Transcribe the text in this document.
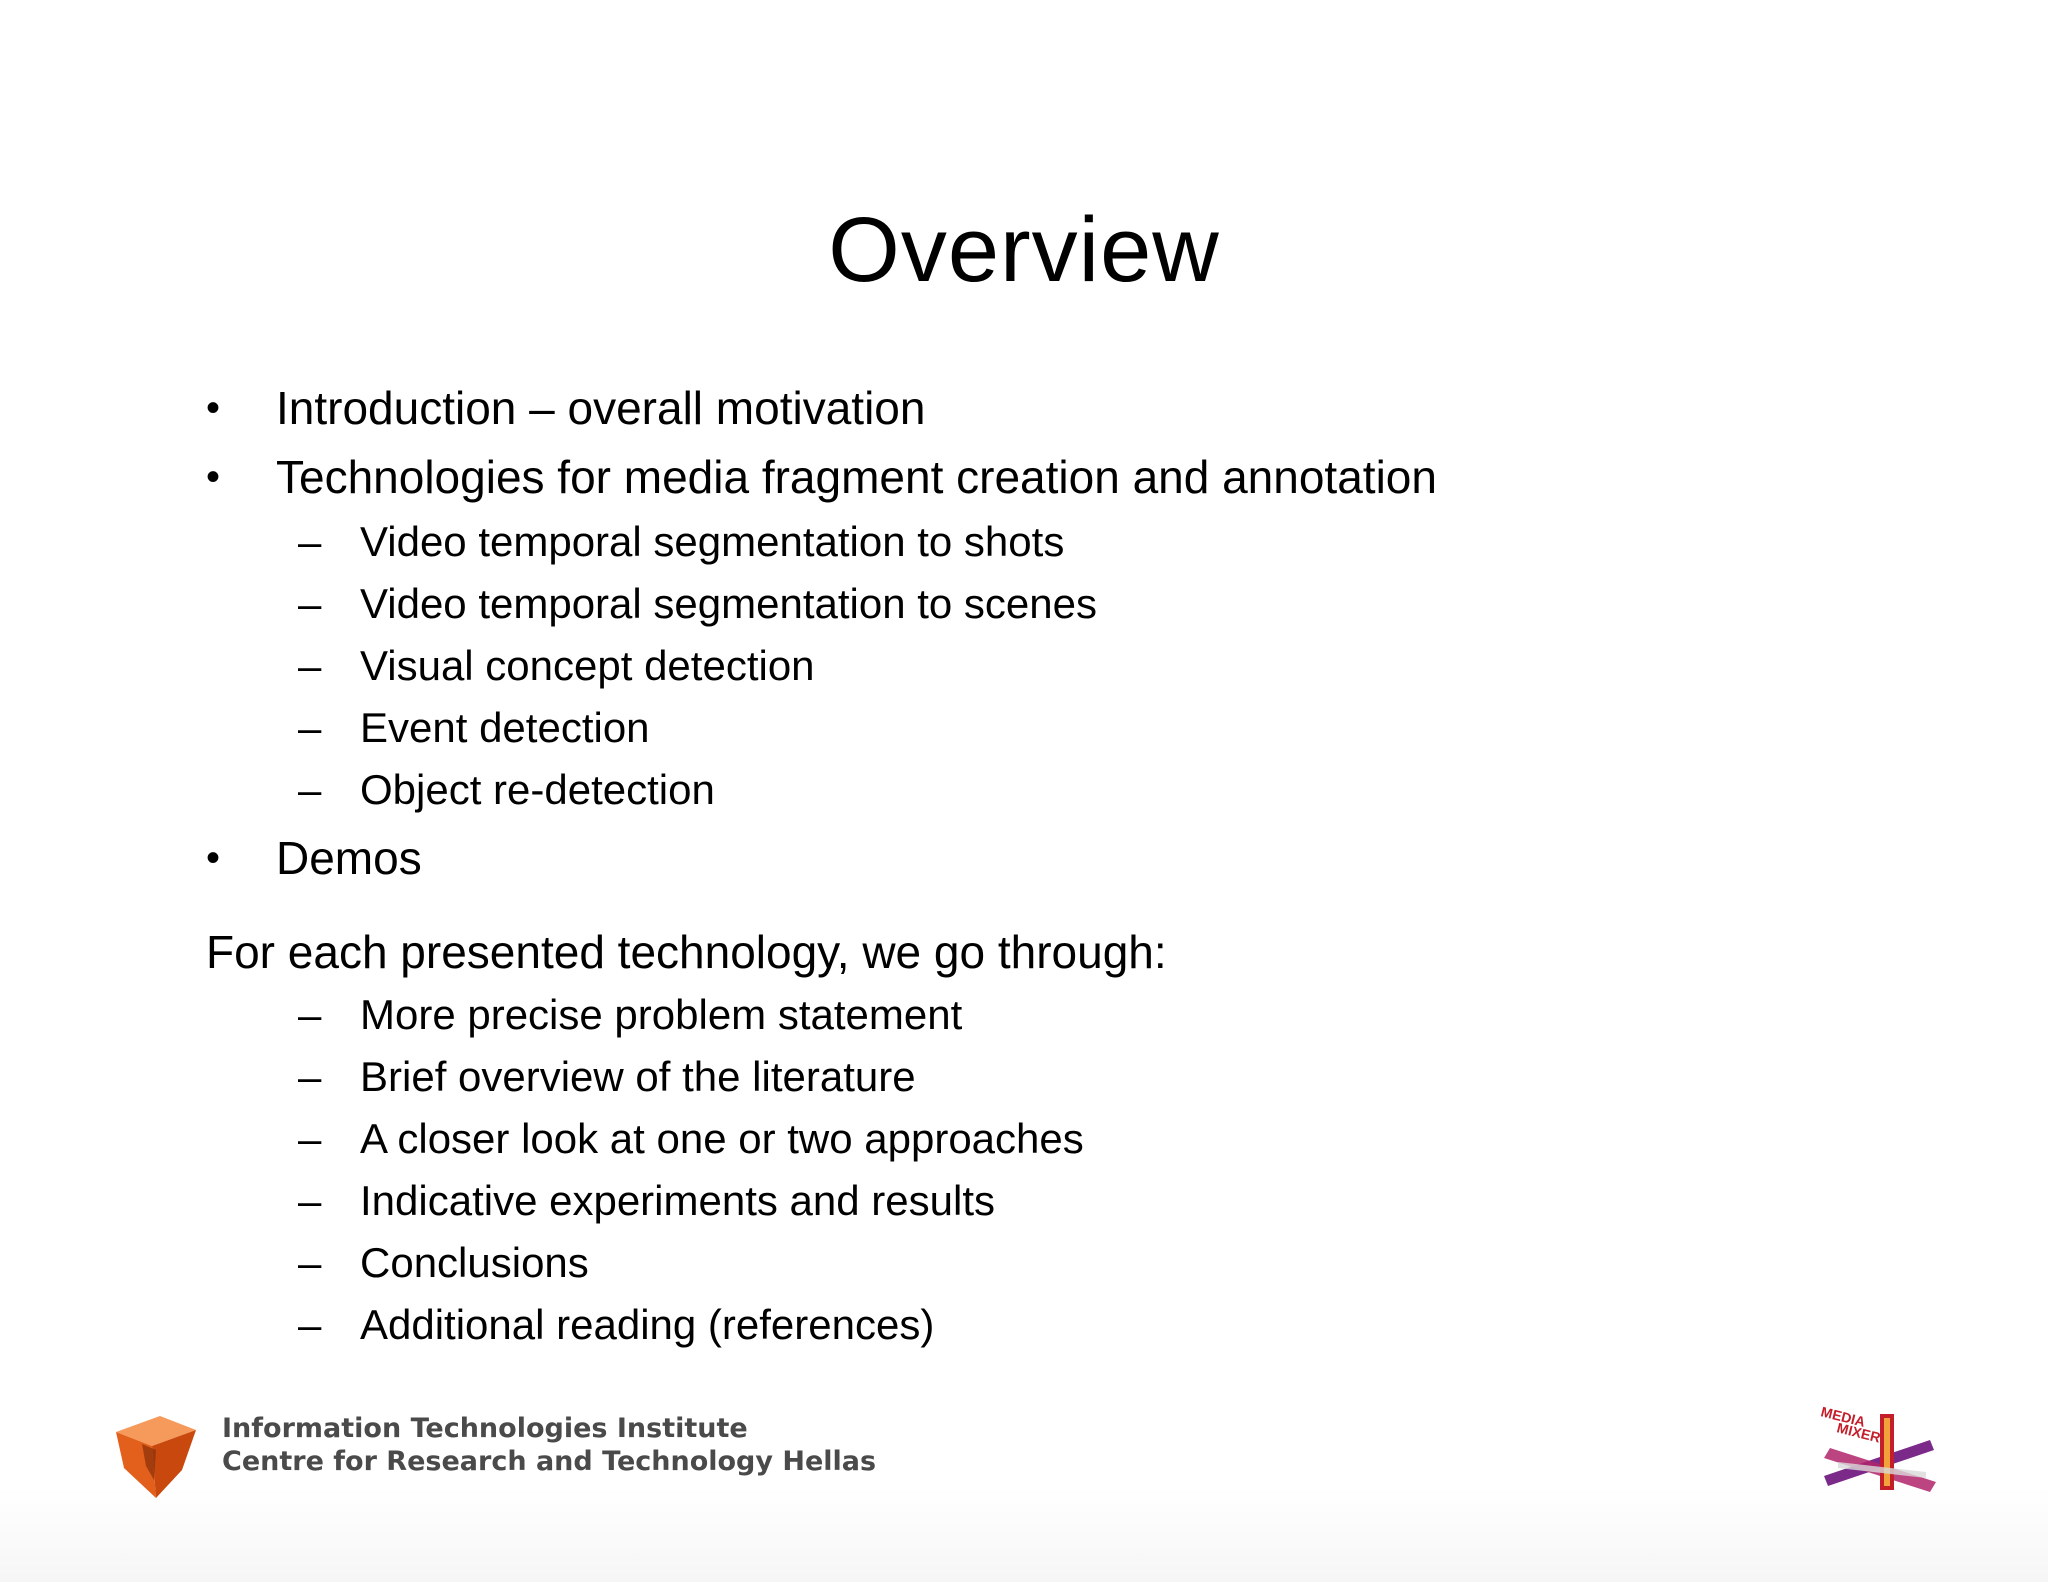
Overview
• Introduction – overall motivation
• Technologies for media fragment creation and annotation
– Video temporal segmentation to shots
– Video temporal segmentation to scenes
– Visual concept detection
– Event detection
– Object re-detection
• Demos
For each presented technology, we go through:
– More precise problem statement
– Brief overview of the literature
– A closer look at one or two approaches
– Indicative experiments and results
– Conclusions
– Additional reading (references)
Information Technologies Institute
Centre for Research and Technology Hellas
MEDIA
MIXER
